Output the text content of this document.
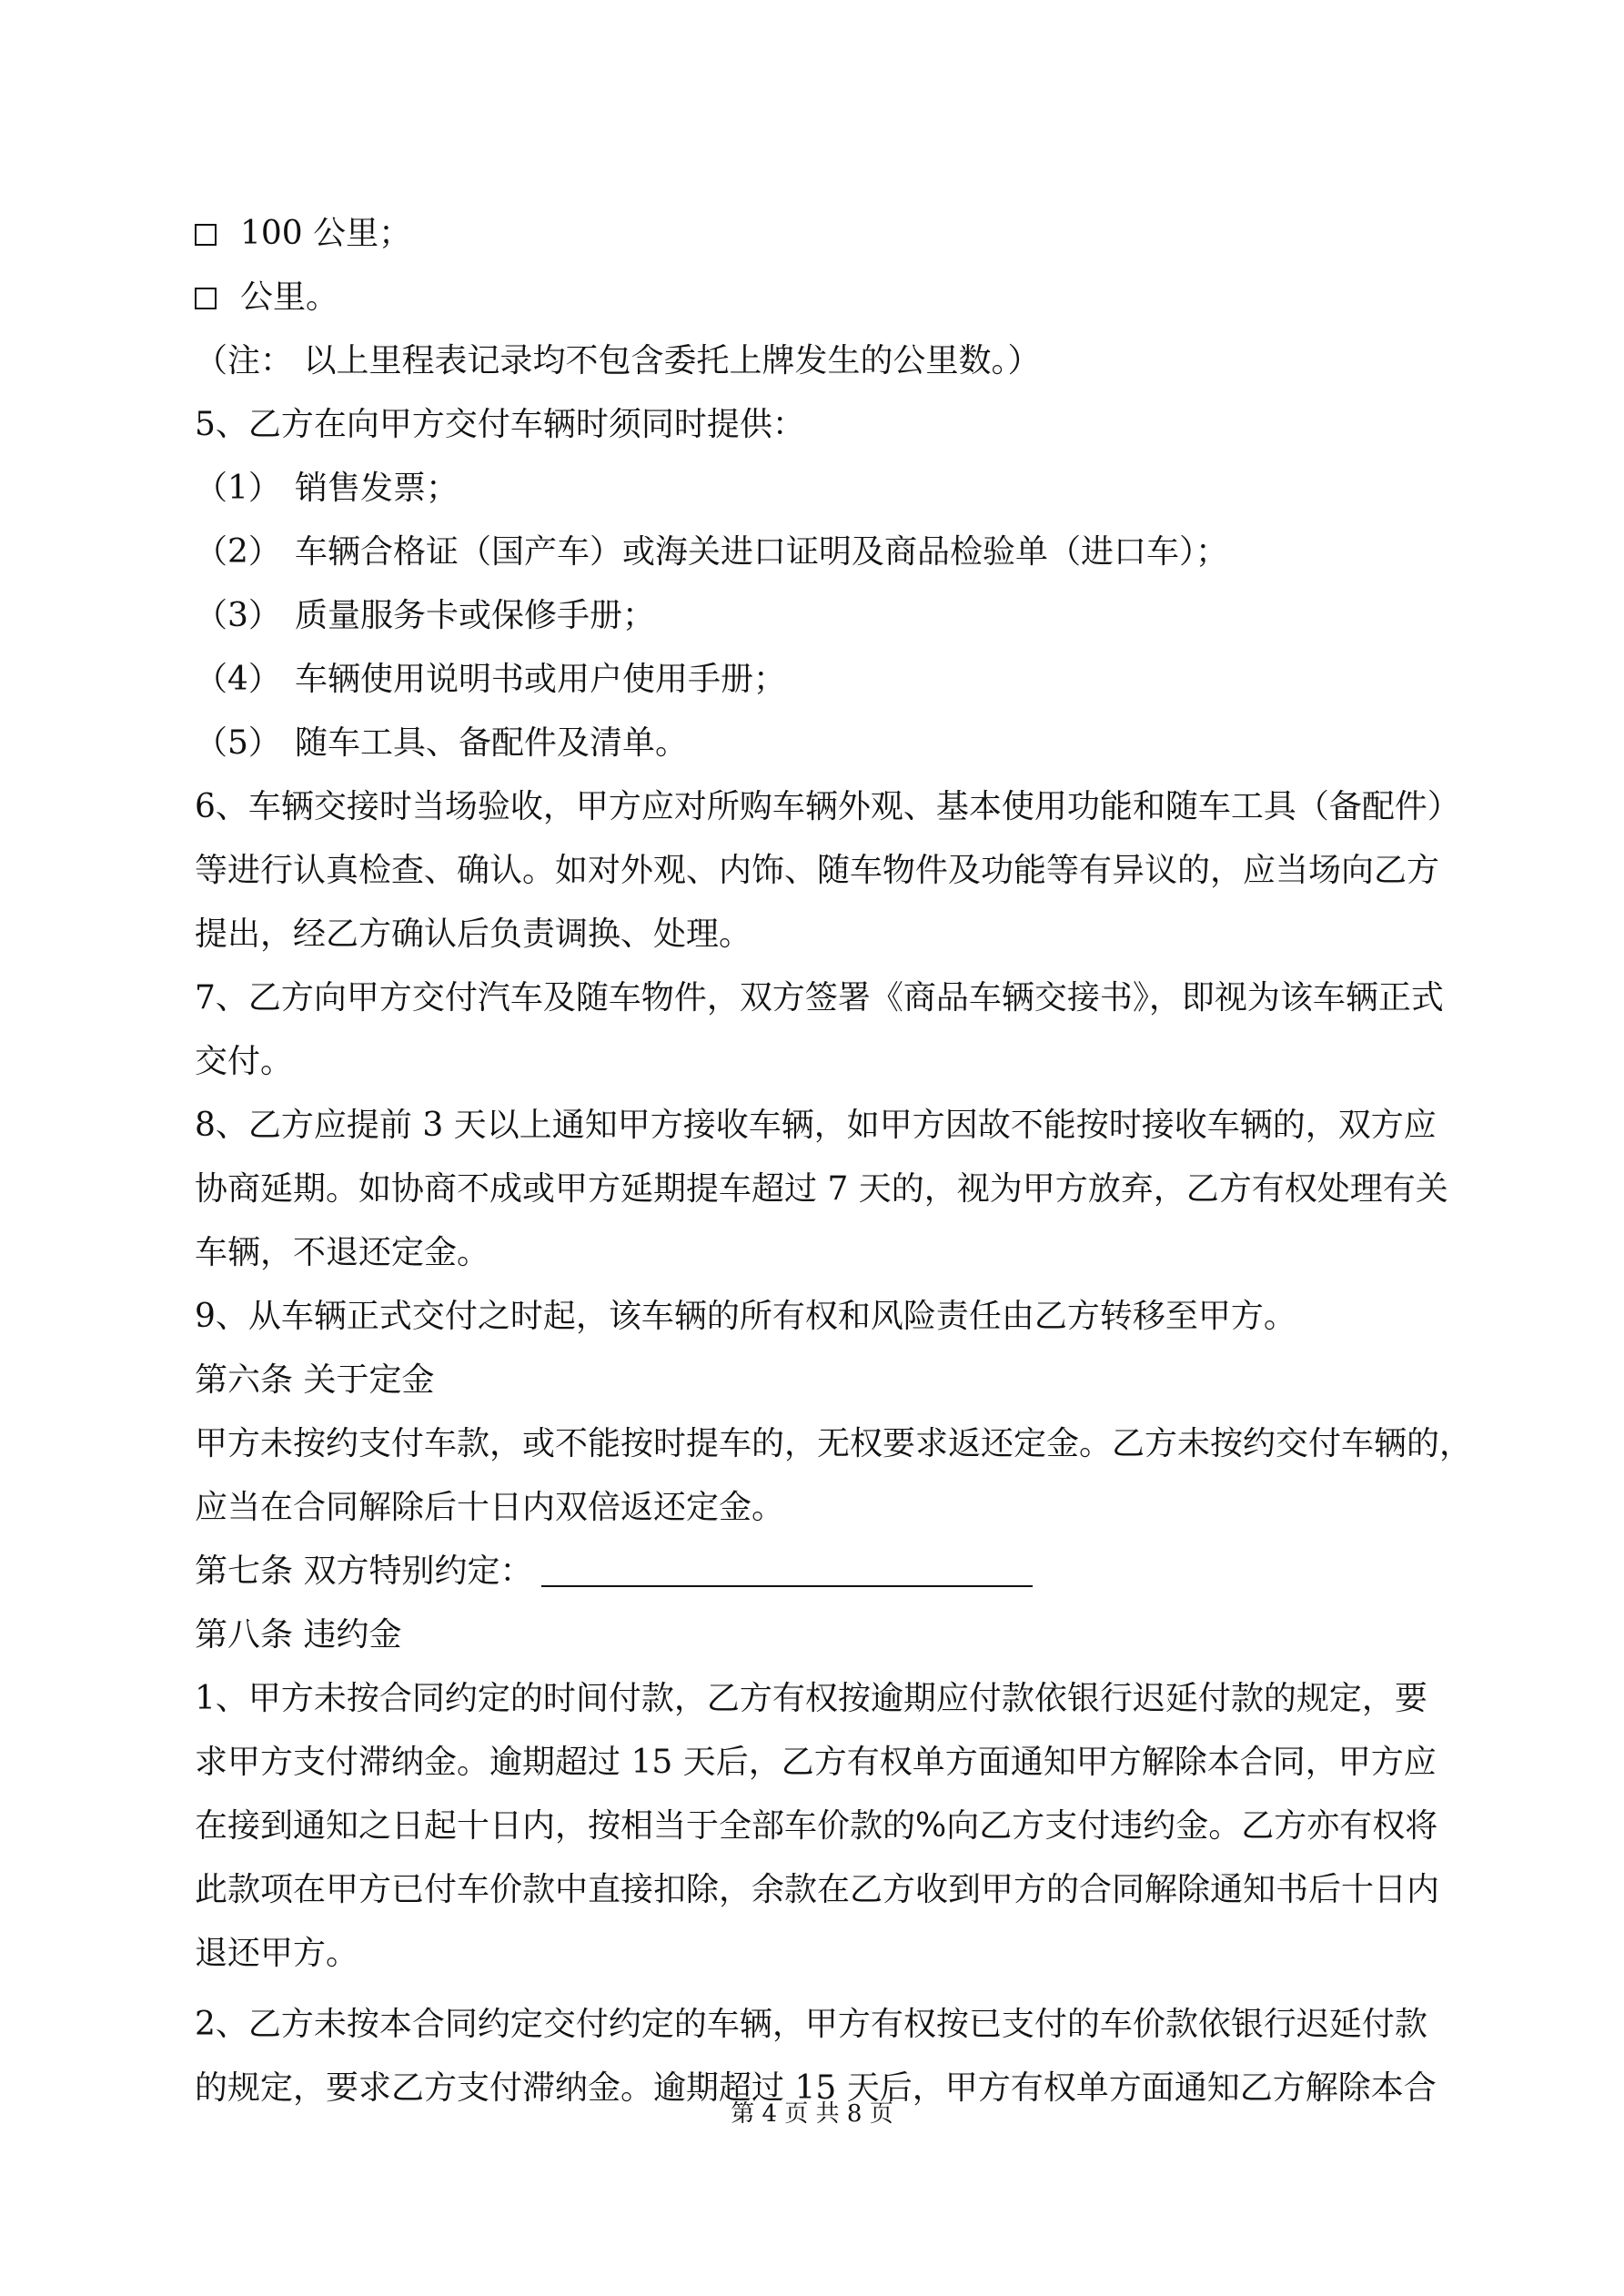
100 公里；
公里。
（注： 以上里程表记录均不包含委托上牌发生的公里数。）
5、乙方在向甲方交付车辆时须同时提供：
（1） 销售发票；
（2） 车辆合格证（国产车）或海关进口证明及商品检验单（进口车）；
（3） 质量服务卡或保修手册；
（4） 车辆使用说明书或用户使用手册；
（5） 随车工具、备配件及清单。
6、车辆交接时当场验收，甲方应对所购车辆外观、基本使用功能和随车工具（备配件）
等进行认真检查、确认。如对外观、内饰、随车物件及功能等有异议的，应当场向乙方
提出，经乙方确认后负责调换、处理。
7、乙方向甲方交付汽车及随车物件，双方签署《商品车辆交接书》，即视为该车辆正式
交付。
8、乙方应提前 3 天以上通知甲方接收车辆，如甲方因故不能按时接收车辆的，双方应
协商延期。如协商不成或甲方延期提车超过 7 天的，视为甲方放弃，乙方有权处理有关
车辆，不退还定金。
9、从车辆正式交付之时起，该车辆的所有权和风险责任由乙方转移至甲方。
第六条 关于定金
甲方未按约支付车款，或不能按时提车的，无权要求返还定金。乙方未按约交付车辆的，
应当在合同解除后十日内双倍返还定金。
第七条 双方特别约定：
第八条 违约金
1、甲方未按合同约定的时间付款，乙方有权按逾期应付款依银行迟延付款的规定，要
求甲方支付滞纳金。逾期超过 15 天后，乙方有权单方面通知甲方解除本合同，甲方应
在接到通知之日起十日内，按相当于全部车价款的%向乙方支付违约金。乙方亦有权将
此款项在甲方已付车价款中直接扣除，余款在乙方收到甲方的合同解除通知书后十日内
退还甲方。
2、乙方未按本合同约定交付约定的车辆，甲方有权按已支付的车价款依银行迟延付款
的规定，要求乙方支付滞纳金。逾期超过 15 天后，甲方有权单方面通知乙方解除本合
第 4 页 共 8 页
